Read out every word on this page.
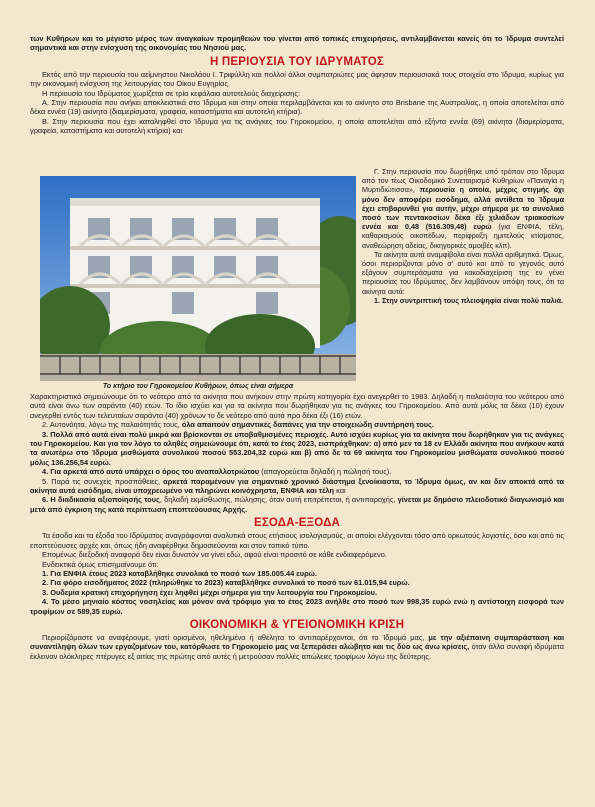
των Κυθήρων και το μέγιστο μέρος των αναγκαίων προμηθειών του γίνεται από τοπικές επιχειρήσεις, αντιλαμβάνεται κανείς ότι το Ίδρυμα συντελεί σημαντικά και στην ενίσχυση της οικονομίας του Νησιού μας.

Η ΠΕΡΙΟΥΣΙΑ ΤΟΥ ΙΔΡΥΜΑΤΟΣ

Εκτός από την περιουσία του αείμνηστου Νικολάου Ι. Τριφύλλη και πολλοί άλλοι συμπατριώτες μας άφησαν περιουσιακά τους στοιχεία στο Ίδρυμα, κυρίως για την οικονομική ενίσχυση της λειτουργίας του Οίκου Ευγηρίας.

Η περιουσία του Ιδρύματος χωρίζεται σε τρία κεφάλαια αυτοτελούς διαχείρισης:

Α. Στην περιουσία που ανήκει αποκλειστικά στο Ίδρυμα και στην οποία περιλαμβάνεται και το ακίνητο στο Brisbane της Αυστραλίας, η οποία αποτελείται από δέκα εννέα (19) ακίνητα (διαμερίσματα, γραφεία, καταστήματα και αυτοτελή κτήρια).

Β. Στην περιουσία που έχει καταληφθεί στο Ίδρυμα για τις ανάγκες του Γηροκομείου, η οποία αποτελείται από εξήντα εννέα (69) ακίνητα (διαμερίσματα, γραφεία, καταστήματα και αυτοτελή κτήρια) και

Το κτήριο του Γηροκομείου Κυθήρων, όπως είναι σήμερα

Γ. Στην περιουσία που δωρήθηκε υπό τρόπον στο Ίδρυμα από τον τέως Οικοδομικό Συνεταιρισμό Κυθηρίων «Παναγία η Μυρτιδιώτισσα», περιουσία η οποία, μέχρις στιγμής όχι μόνο δεν αποφέρει εισόδημα, αλλά αντίθετα το Ίδρυμα έχει επιβαρυνθεί για αυτήν, μέχρι σήμερα με το συνολικό ποσό των πεντακοσίων δέκα έξι χιλιάδων τριακοσίων εννέα και 0,48 (516.309,48) ευρώ (για ΕΝΦΙΑ, τέλη, καθαρισμούς οικοπέδων, περίφραξη ημιτελούς κτίσματος, αναθεώρηση αδείας, δικηγορικές αμοιβές κλπ).

Τα ακίνητα αυτά αναμφίβολα είναι πολλά αριθμητικά. Όμως, όσοι περιορίζονται μόνο σ' αυτό και από το γεγονός αυτό εξάγουν συμπεράσματα για κακοδιαχείριση της εν γένει περιουσίας του Ιδρύματος, δεν λαμβάνουν υπόψη τους, ότι τα ακίνητα αυτά:

1. Στην συντριπτική τους πλειοψηφία είναι πολύ παλιά.

Χαρακτηριστικά σημειώνουμε ότι το νεότερο από τα ακίνητα που ανήκουν στην πρώτη κατηγορία έχει ανεγερθεί το 1983. Δηλαδή η παλαιότητα του νεότερου από αυτά είναι άνω των σαράντα (40) ετών. Το ίδιο ισχύει και για τα ακίνητα που δωρήθηκαν για τις ανάγκες του Γηροκομείου. Από αυτά μόλις τα δέκα (10) έχουν ανεγερθεί εντός των τελευταίων σαράντα (40) χρόνων το δε νεότερο από αυτά προ δέκα έξι (16) ετών.

2. Αυτονόητα, λόγω της παλαιότητάς τους, όλα απαιτούν σημαντικές δαπάνες για την στοιχειώδη συντήρησή τους.

3. Πολλά από αυτά είναι πολύ μικρά και βρίσκονται σε υποβαθμισμένες περιοχές. Αυτό ισχύει κυρίως για τα ακίνητα που δωρήθηκαν για τις ανάγκες του Γηροκομείου. Και για τον λόγο το αληθές σημειώνουμε ότι, κατά το έτος 2023, εισπράχθηκαν: α) από μεν τα 18 εν Ελλάδι ακίνητα που ανήκουν κατά τα ανωτέρω στο Ίδρυμα μισθώματα συνολικού ποσού 553.204,32 ευρώ και β) από δε τα 69 ακίνητα του Γηροκομείου μισθώματα συνολικού ποσού μόλις 136.256,54 ευρώ.

4. Για αρκετά από αυτά υπάρχει ο όρος του αναπαλλοτριώτου (απαγορεύεται δηλαδή η πώλησή τους).

5. Παρά τις συνεχείς προσπάθειες, αρκετά παραμένουν για σημαντικό χρονικό διάστημα ξενοίκιαστα, το Ίδρυμα όμως, αν και δεν αποκτά από τα ακίνητα αυτά εισόδημα, είναι υποχρεωμένο να πληρώνει κοινόχρηστα, ΕΝΦΙΑ και τέλη και

6. Η διαδικασία αξιοποίησής τους, δηλαδή εκμίσθωσης, πώλησης, όταν αυτή επιτρέπεται, ή αντιπαροχής, γίνεται με δημόσιο πλειοδοτικό διαγωνισμό και μετά από έγκριση της κατά περίπτωση εποπτεύουσας Αρχής.

ΕΣΟΔΑ-ΕΞΟΔΑ

Τα έσοδα και τα έξοδα του Ιδρύματος αναγράφονται αναλυτικά στους ετήσιους ισολογισμούς, οι οποίοι ελέγχονται τόσο από ορκωτούς λογιστές, όσο και από τις εποπτεύουσες αρχές και, όπως ήδη αναφέρθηκε δημοσιεύονται και στον τοπικό τύπο.

Επομένως διεξοδική αναφορά δεν είναι δυνατόν να γίνει εδώ, αφού είναι προσιτό σε κάθε ενδιαφερόμενο.

Ενδεικτικά όμως επισημαίνουμε ότι:

1. Για ΕΝΦΙΑ έτους 2023 καταβλήθηκε συνολικά το ποσό των 185.005.44 ευρώ.

2. Για φόρο εισοδήματος 2022 (πληρώθηκε το 2023) καταβλήθηκε συνολικά το ποσό των 61.015,94 ευρώ.

3. Ουδεμία κρατική επιχορήγηση έχει ληφθεί μέχρι σήμερα για την λειτουργία του Γηροκομείου.

4. Το μέσο μηνιαίο κόστος νοσηλείας και μόνον ανά τρόφιμο για το έτος 2023 ανήλθε στο ποσό των 998,35 ευρώ ενώ η αντίστοιχη εισφορά των τροφίμων σε 589,35 ευρώ.

ΟΙΚΟΝΟΜΙΚΗ & ΥΓΕΙΟΝΟΜΙΚΗ ΚΡΙΣΗ

Περιορίζόμαστε να αναφέρουμε, γιατί ορισμένοι, ηθελημένα ή αθέλητα το αντιπαρέρχονται, ότι το Ίδρυμά μας, με την αξιέπαινη συμπαράσταση και συναντίληψη όλων των εργαζομένων του, κατόρθωσε το Γηροκομείο μας να ξεπεράσει αλώβητο και τις δύο ως άνω κρίσεις, όταν άλλα συναφή ιδρύματα έκλειναν ολόκληρες πτέρυγες εξ αιτίας της πρώτης από αυτές ή μετρούσαν πολλές απώλειες τροφίμων λόγω της δεύτερης.
